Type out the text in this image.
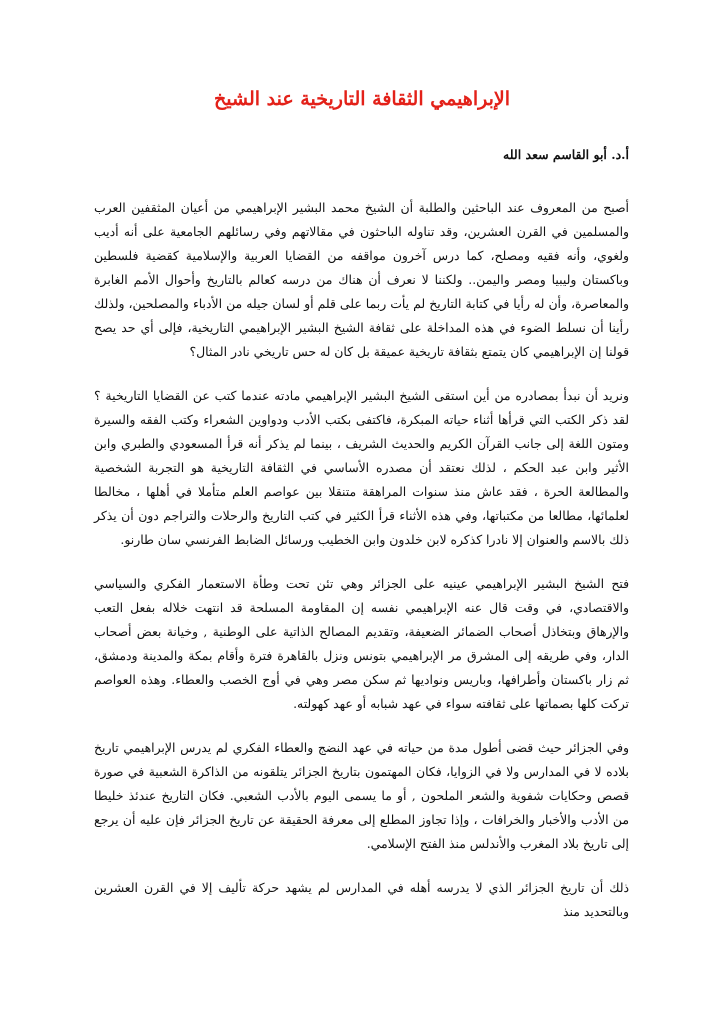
الإبراهيمي الثقافة التاريخية عند الشيخ
أ.د. أبو القاسم سعد الله

أصبح من المعروف عند الباحثين والطلبة أن الشيخ محمد البشير الإبراهيمي من أعيان المثقفين العرب والمسلمين في القرن العشرين، وقد تناوله الباحثون في مقالاتهم وفي رسائلهم الجامعية على أنه أديب ولغوي، وأنه فقيه ومصلح، كما درس آخرون مواقفه من القضايا العربية والإسلامية كقضية فلسطين وباكستان وليبيا ومصر واليمن.. ولكننا لا نعرف أن هناك من درسه كعالم بالتاريخ وأحوال الأمم الغابرة والمعاصرة، وأن له رأيا في كتابة التاريخ لم يأت ربما على قلم أو لسان جيله من الأدباء والمصلحين، ولذلك رأينا أن نسلط الضوء في هذه المداخلة على ثقافة الشيخ البشير الإبراهيمي التاريخية، فإلى أي حد يصح قولنا إن الإبراهيمي كان يتمتع بثقافة تاريخية عميقة بل كان له حس تاريخي نادر المثال؟

ونريد أن نبدأ بمصادره من أين استقى الشيخ البشير الإبراهيمي مادته عندما كتب عن القضايا التاريخية ؟ لقد ذكر الكتب التي قرأها أثناء حياته المبكرة، فاكتفى بكتب الأدب ودواوين الشعراء وكتب الفقه والسيرة ومتون اللغة إلى جانب القرآن الكريم والحديث الشريف ، بينما لم يذكر أنه قرأ المسعودي والطبري وابن الأثير وابن عبد الحكم ، لذلك نعتقد أن مصدره الأساسي في الثقافة التاريخية هو التجربة الشخصية والمطالعة الحرة ، فقد عاش منذ سنوات المراهقة متنقلا بين عواصم العلم متأملا في أهلها ، مخالطا لعلمائها، مطالعا من مكتباتها، وفي هذه الأثناء قرأ الكثير في كتب التاريخ والرحلات والتراجم دون أن يذكر ذلك بالاسم والعنوان إلا نادرا كذكره لابن خلدون وابن الخطيب ورسائل الضابط الفرنسي سان طارنو.

فتح الشيخ البشير الإبراهيمي عينيه على الجزائر وهي تئن تحت وطأة الاستعمار الفكري والسياسي والاقتصادي، في وقت قال عنه الإبراهيمي نفسه إن المقاومة المسلحة قد انتهت خلاله بفعل التعب والإرهاق وبتخاذل أصحاب الضمائر الضعيفة، وتقديم المصالح الذاتية على الوطنية , وخيانة بعض أصحاب الدار، وفي طريقه إلى المشرق مر الإبراهيمي بتونس ونزل بالقاهرة فترة وأقام بمكة والمدينة ودمشق، ثم زار باكستان وأطرافها، وباريس ونواديها ثم سكن مصر وهي في أوج الخصب والعطاء. وهذه العواصم تركت كلها بصماتها على ثقافته سواء في عهد شبابه أو عهد كهولته.

وفي الجزائر حيث قضى أطول مدة من حياته في عهد النضج والعطاء الفكري لم يدرس الإبراهيمي تاريخ بلاده لا في المدارس ولا في الزوايا، فكان المهتمون بتاريخ الجزائر يتلقونه من الذاكرة الشعبية في صورة قصص وحكايات شفوية والشعر الملحون , أو ما يسمى اليوم بالأدب الشعبي. فكان التاريخ عندئذ خليطا من الأدب والأخبار والخرافات ، وإذا تجاوز المطلع إلى معرفة الحقيقة عن تاريخ الجزائر فإن عليه أن يرجع إلى تاريخ بلاد المغرب والأندلس منذ الفتح الإسلامي.

ذلك أن تاريخ الجزائر الذي لا يدرسه أهله في المدارس لم يشهد حركة تأليف إلا في القرن العشرين وبالتحديد منذ
